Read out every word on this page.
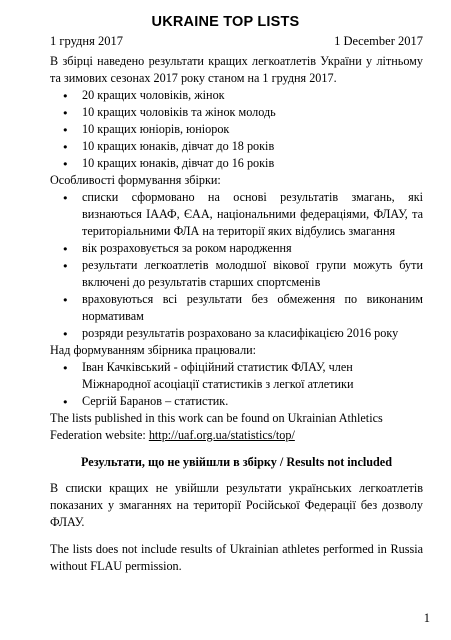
UKRAINE TOP LISTS
1 грудня 2017	1 December 2017

В збірці наведено результати кращих легкоатлетів України у літньому та зимових сезонах 2017 року станом на 1 грудня 2017.

● 20 кращих чоловіків, жінок
● 10 кращих чоловіків та жінок молодь
● 10 кращих юніорів, юніорок
● 10 кращих юнаків, дівчат до 18 років
● 10 кращих юнаків, дівчат до 16 років

Особливості формування збірки:

● списки сформовано на основі результатів змагань, які визнаються ІААФ, ЄАА, національними федераціями, ФЛАУ, та територіальними ФЛА на території яких відбулись змагання
● вік розраховується за роком народження
● результати легкоатлетів молодшої вікової групи можуть бути включені до результатів старших спортсменів
● враховуються всі результати без обмеження по виконаним нормативам
● розряди результатів розраховано за класифікацією 2016 року

Над формуванням збірника працювали:

● Іван Качківський - офіційний статистик ФЛАУ, член Міжнародної асоціації статистиків з легкої атлетики
● Сергій Баранов – статистик.

The lists published in this work can be found on Ukrainian Athletics Federation website: http://uaf.org.ua/statistics/top/

Результати, що не увійшли в збірку / Results not included

В списки кращих не увійшли результати українських легкоатлетів показаних у змаганнях на території Російської Федерації без дозволу ФЛАУ.

The lists does not include results of Ukrainian athletes performed in Russia without FLAU permission.

1
